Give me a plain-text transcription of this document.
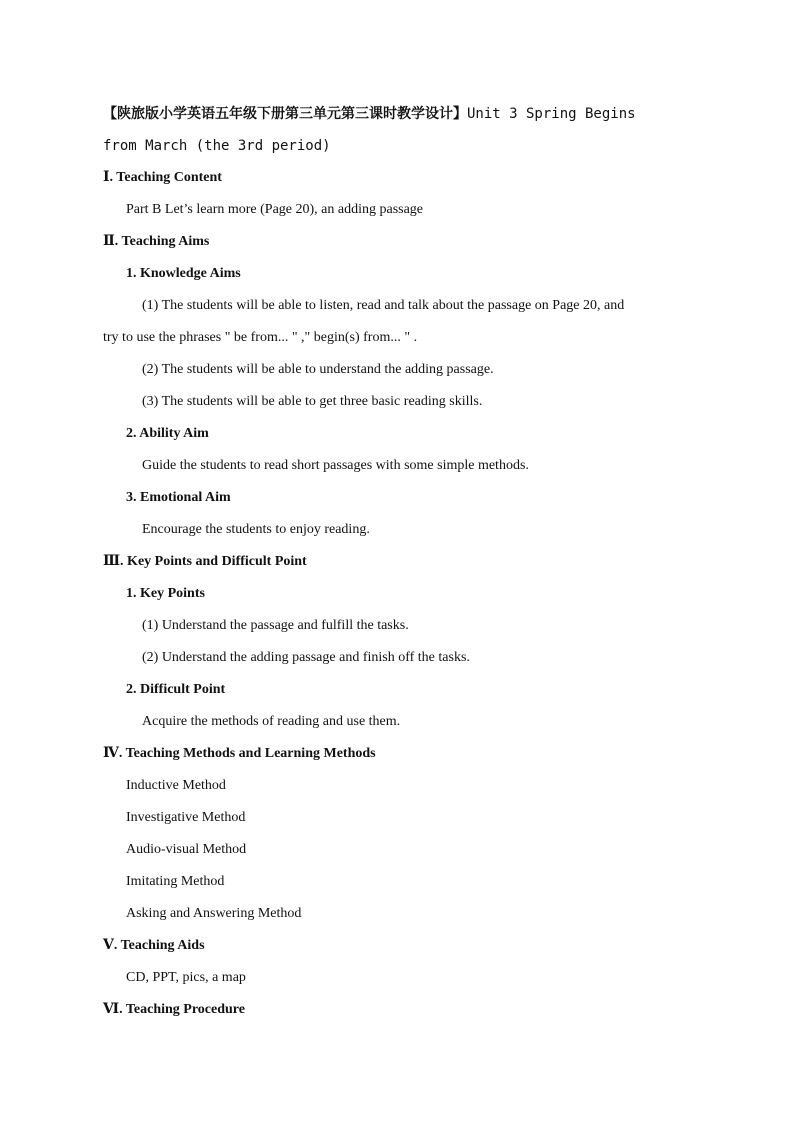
【陕旅版小学英语五年级下册第三单元第三课时教学设计】Unit 3 Spring Begins
from March (the 3rd period)
Ⅰ. Teaching Content
Part B Let’s learn more (Page 20), an adding passage
Ⅱ. Teaching Aims
1. Knowledge Aims
(1) The students will be able to listen, read and talk about the passage on Page 20, and
try to use the phrases " be from... " ," begin(s) from... " .
(2) The students will be able to understand the adding passage.
(3) The students will be able to get three basic reading skills.
2. Ability Aim
Guide the students to read short passages with some simple methods.
3. Emotional Aim
Encourage the students to enjoy reading.
Ⅲ. Key Points and Difficult Point
1. Key Points
(1) Understand the passage and fulfill the tasks.
(2) Understand the adding passage and finish off the tasks.
2. Difficult Point
Acquire the methods of reading and use them.
Ⅳ. Teaching Methods and Learning Methods
Inductive Method
Investigative Method
Audio-visual Method
Imitating Method
Asking and Answering Method
Ⅴ. Teaching Aids
CD, PPT, pics, a map
Ⅵ. Teaching Procedure
